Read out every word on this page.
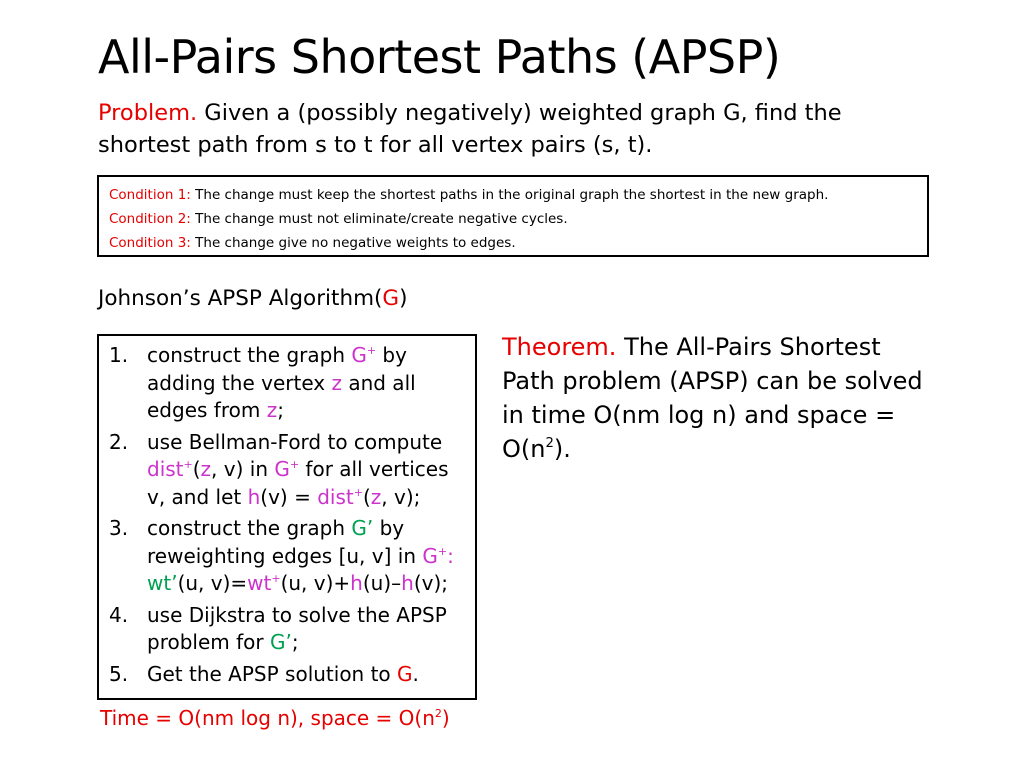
All-Pairs Shortest Paths (APSP)
Problem. Given a (possibly negatively) weighted graph G, find the shortest path from s to t for all vertex pairs (s, t).
Condition 1: The change must keep the shortest paths in the original graph the shortest in the new graph.
Condition 2: The change must not eliminate/create negative cycles.
Condition 3: The change give no negative weights to edges.
Johnson’s APSP Algorithm(G)
1. construct the graph G+ by adding the vertex z and all edges from z;
2. use Bellman-Ford to compute dist+(z, v) in G+ for all vertices v, and let h(v) = dist+(z, v);
3. construct the graph G’ by reweighting edges [u, v] in G+: wt’(u, v)=wt+(u, v)+h(u)–h(v);
4. use Dijkstra to solve the APSP problem for G’;
5. Get the APSP solution to G.
Time = O(nm log n), space = $O(n^2)$
Theorem. The All-Pairs Shortest Path problem (APSP) can be solved in time O(nm log n) and space = $O(n^2)$.
